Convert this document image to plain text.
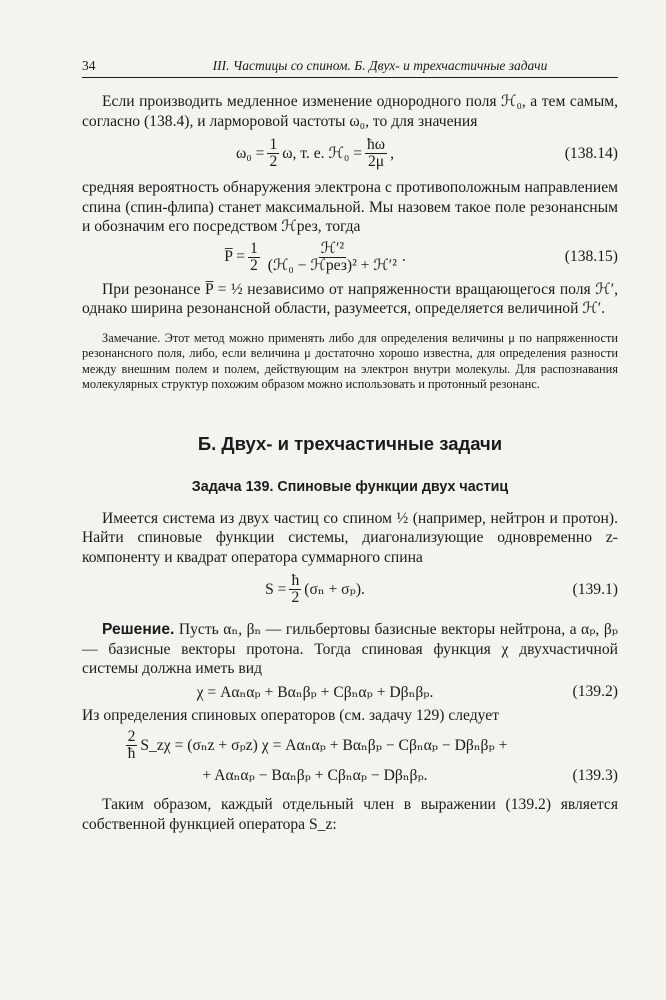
34	III. Частицы со спином. Б. Двух- и трехчастичные задачи

Если производить медленное изменение однородного поля ℋ₀, а тем самым, согласно (138.4), и ларморовой частоты ω₀, то для значения

$\omega_0 = \frac{1}{2} \omega$, т. е. ℋ₀ = $\frac{ħ\omega}{2\mu}$ ,	(138.14)

средняя вероятность обнаружения электрона с противоположным направлением спина (спин-флипа) станет максимальной. Мы назовем такое поле резонансным и обозначим его посредством ℋрез, тогда

P̅ = $\frac{1}{2} \frac{\text{ℋ′²}}{\text{(ℋ₀ − ℋрез)² + ℋ′²}}$ .	(138.15)

При резонансе P̅ = ½ независимо от напряженности вращающегося поля ℋ′, однако ширина резонансной области, разумеется, определяется величиной ℋ′.

Замечание. Этот метод можно применять либо для определения величины μ по напряженности резонансного поля, либо, если величина μ достаточно хорошо известна, для определения разности между внешним полем и полем, действующим на электрон внутри молекулы. Для распознавания молекулярных структур похожим образом можно использовать и протонный резонанс.
Б. Двух- и трехчастичные задачи
Задача 139. Спиновые функции двух частиц

Имеется система из двух частиц со спином ½ (например, нейтрон и протон). Найти спиновые функции системы, диагонализующие одновременно z-компоненту и квадрат оператора суммарного спина

$S = \frac{ħ}{2} (\sigma_n + \sigma_p)$.	(139.1)

Решение. Пусть αₙ, βₙ — гильбертовы базисные векторы нейтрона, а αₚ, βₚ — базисные векторы протона. Тогда спиновая функция χ двухчастичной системы должна иметь вид

χ = Aαₙαₚ + Bαₙβₚ + Cβₙαₚ + Dβₙβₚ.	(139.2)

Из определения спиновых операторов (см. задачу 129) следует

$\frac{2}{ħ}$ S_zχ = (σₙz + σₚz) χ = Aαₙαₚ + Bαₙβₚ − Cβₙαₚ − Dβₙβₚ +
+ Aαₙαₚ − Bαₙβₚ + Cβₙαₚ − Dβₙβₚ.	(139.3)

Таким образом, каждый отдельный член в выражении (139.2) является собственной функцией оператора S_z:
